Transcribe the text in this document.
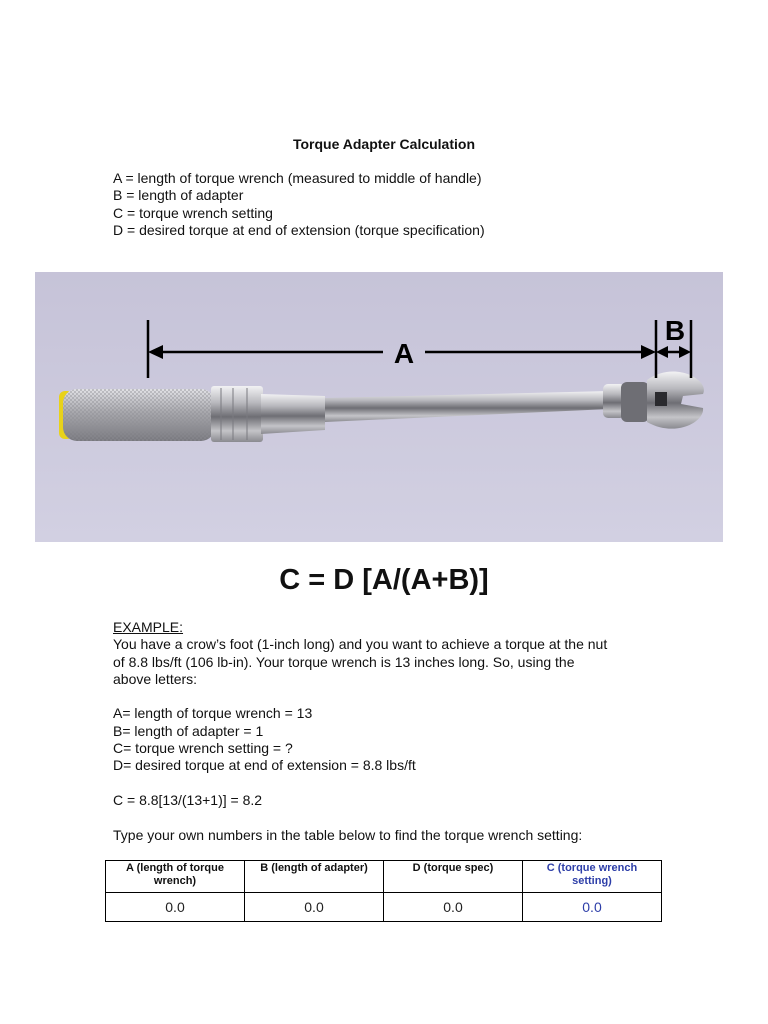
Torque Adapter Calculation
A = length of torque wrench (measured to middle of handle)
B = length of adapter
C = torque wrench setting
D = desired torque at end of extension (torque specification)
A
B
C = D [A/(A+B)]
EXAMPLE:
You have a crow’s foot (1-inch long) and you want to achieve a torque at the nut
of 8.8 lbs/ft (106 lb-in). Your torque wrench is 13 inches long. So, using the
above letters:
A= length of torque wrench = 13
B= length of adapter = 1
C= torque wrench setting = ?
D= desired torque at end of extension = 8.8 lbs/ft
C = 8.8[13/(13+1)] = 8.2
Type your own numbers in the table below to find the torque wrench setting:
A (length of torque wrench)	B (length of adapter)	D (torque spec)	C (torque wrench setting)
0.0	0.0	0.0	0.0
